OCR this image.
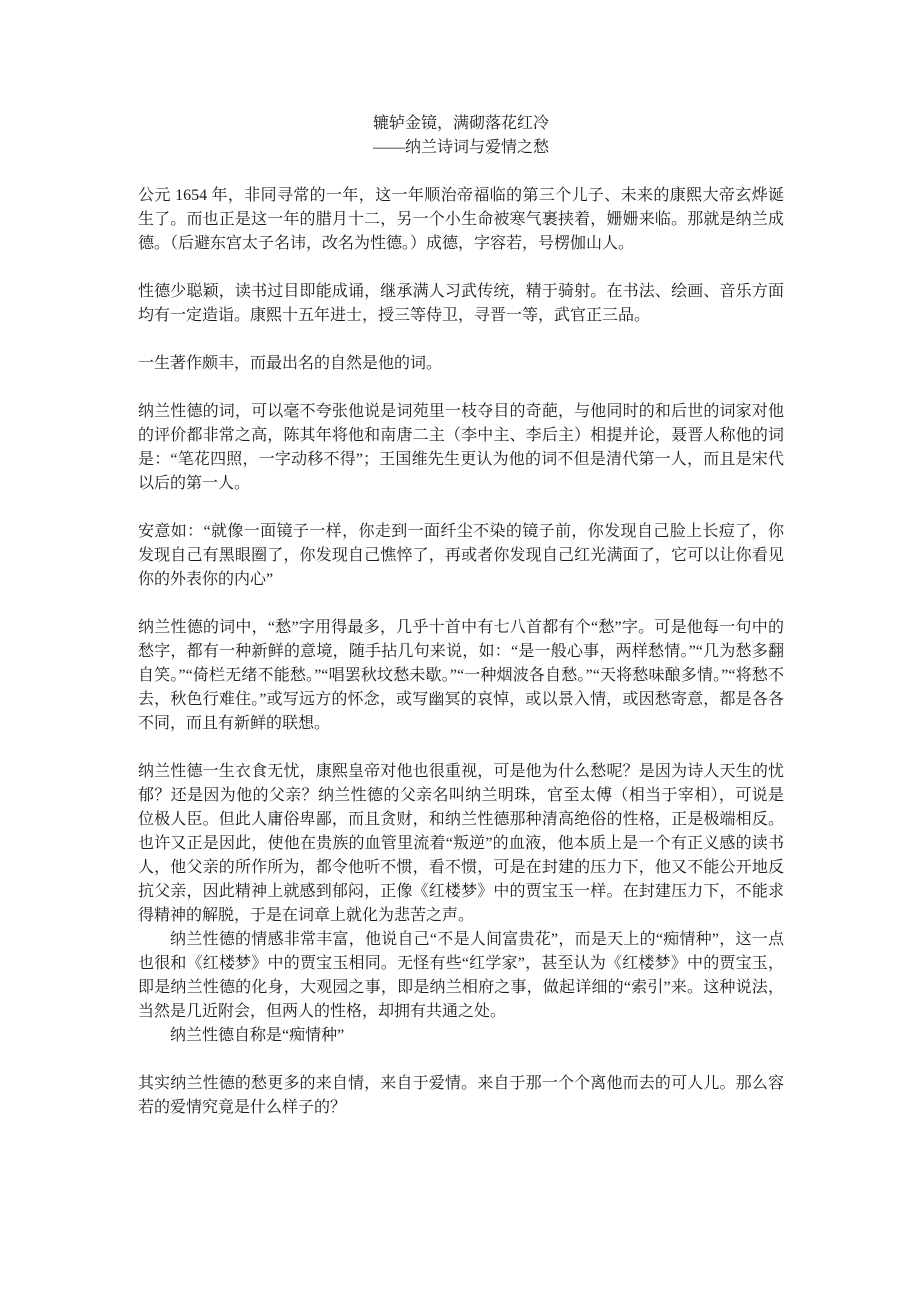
辘轳金镜，满砌落花红冷
——纳兰诗词与爱情之愁

公元 1654 年，非同寻常的一年，这一年顺治帝福临的第三个儿子、未来的康熙大帝玄烨诞生了。而也正是这一年的腊月十二，另一个小生命被寒气裹挟着，姗姗来临。那就是纳兰成德。（后避东宫太子名讳，改名为性德。）成德，字容若，号楞伽山人。

性德少聪颖，读书过目即能成诵，继承满人习武传统，精于骑射。在书法、绘画、音乐方面均有一定造诣。康熙十五年进士，授三等侍卫，寻晋一等，武官正三品。

一生著作颇丰，而最出名的自然是他的词。

纳兰性德的词，可以毫不夸张他说是词苑里一枝夺目的奇葩，与他同时的和后世的词家对他的评价都非常之高，陈其年将他和南唐二主（李中主、李后主）相提并论，聂晋人称他的词是：“笔花四照，一字动移不得”；王国维先生更认为他的词不但是清代第一人，而且是宋代以后的第一人。

安意如：“就像一面镜子一样，你走到一面纤尘不染的镜子前，你发现自己脸上长痘了，你发现自己有黑眼圈了，你发现自己憔悴了，再或者你发现自己红光满面了，它可以让你看见你的外表你的内心”

纳兰性德的词中，“愁”字用得最多，几乎十首中有七八首都有个“愁”字。可是他每一句中的愁字，都有一种新鲜的意境，随手拈几句来说，如：“是一般心事，两样愁情。”“几为愁多翻自笑。”“倚栏无绪不能愁。”“唱罢秋坟愁未歇。”“一种烟波各自愁。”“天将愁味酿多情。”“将愁不去，秋色行难住。”或写远方的怀念，或写幽冥的哀悼，或以景入情，或因愁寄意，都是各各不同，而且有新鲜的联想。

纳兰性德一生衣食无忧，康熙皇帝对他也很重视，可是他为什么愁呢？是因为诗人天生的忧郁？还是因为他的父亲？纳兰性德的父亲名叫纳兰明珠，官至太傅（相当于宰相），可说是位极人臣。但此人庸俗卑鄙，而且贪财，和纳兰性德那种清高绝俗的性格，正是极端相反。也许又正是因此，使他在贵族的血管里流着“叛逆”的血液，他本质上是一个有正义感的读书人，他父亲的所作所为，都令他听不惯，看不惯，可是在封建的压力下，他又不能公开地反抗父亲，因此精神上就感到郁闷，正像《红楼梦》中的贾宝玉一样。在封建压力下，不能求得精神的解脱，于是在词章上就化为悲苦之声。

纳兰性德的情感非常丰富，他说自己“不是人间富贵花”，而是天上的“痴情种”，这一点也很和《红楼梦》中的贾宝玉相同。无怪有些“红学家”，甚至认为《红楼梦》中的贾宝玉，即是纳兰性德的化身，大观园之事，即是纳兰相府之事，做起详细的“索引”来。这种说法，当然是几近附会，但两人的性格，却拥有共通之处。

纳兰性德自称是“痴情种”

其实纳兰性德的愁更多的来自情，来自于爱情。来自于那一个个离他而去的可人儿。那么容若的爱情究竟是什么样子的？
